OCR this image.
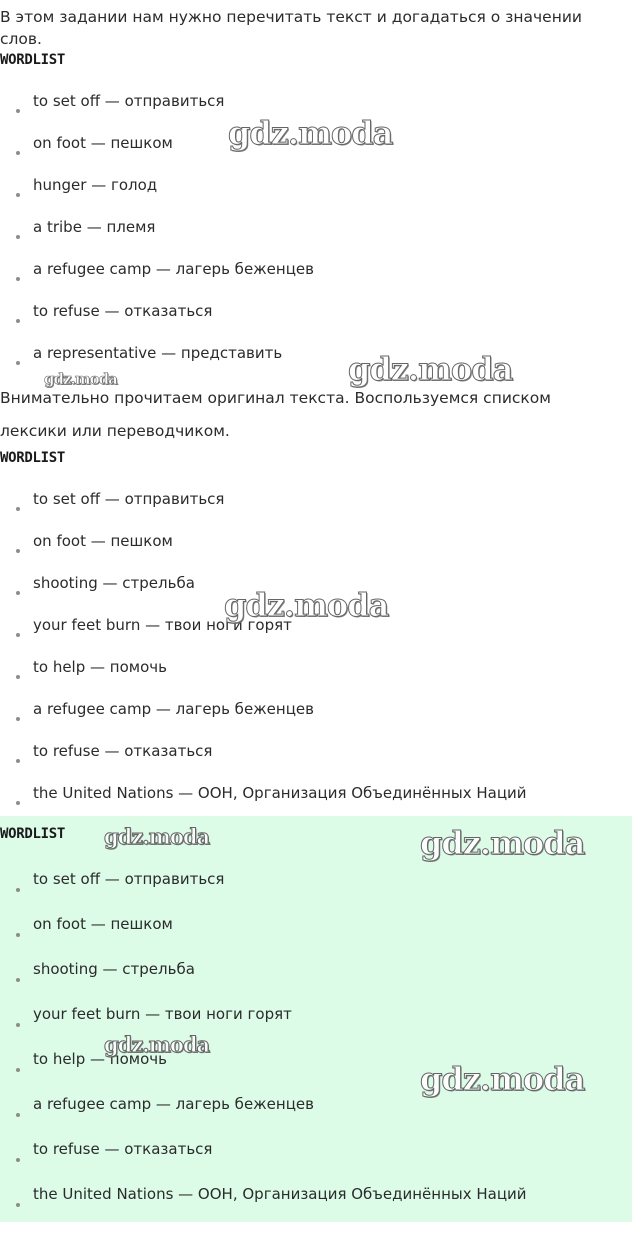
В этом задании нам нужно перечитать текст и догадаться о значении слов.

WORDLIST
to set off — отправиться
on foot — пешком
hunger — голод
a tribe — племя
a refugee camp — лагерь беженцев
to refuse — отказаться
a representative — представить

Внимательно прочитаем оригинал текста. Воспользуемся списком лексики или переводчиком.

WORDLIST
to set off — отправиться
on foot — пешком
shooting — стрельба
your feet burn — твои ноги горят
to help — помочь
a refugee camp — лагерь беженцев
to refuse — отказаться
the United Nations — ООН, Организация Объединённых Наций
WORDLIST
to set off — отправиться
on foot — пешком
shooting — стрельба
your feet burn — твои ноги горят
to help — помочь
a refugee camp — лагерь беженцев
to refuse — отказаться
the United Nations — ООН, Организация Объединённых Наций
gdz.moda
gdz.moda
gdz.moda
gdz.moda
gdz.moda	gdz.moda
gdz.moda
gdz.moda
